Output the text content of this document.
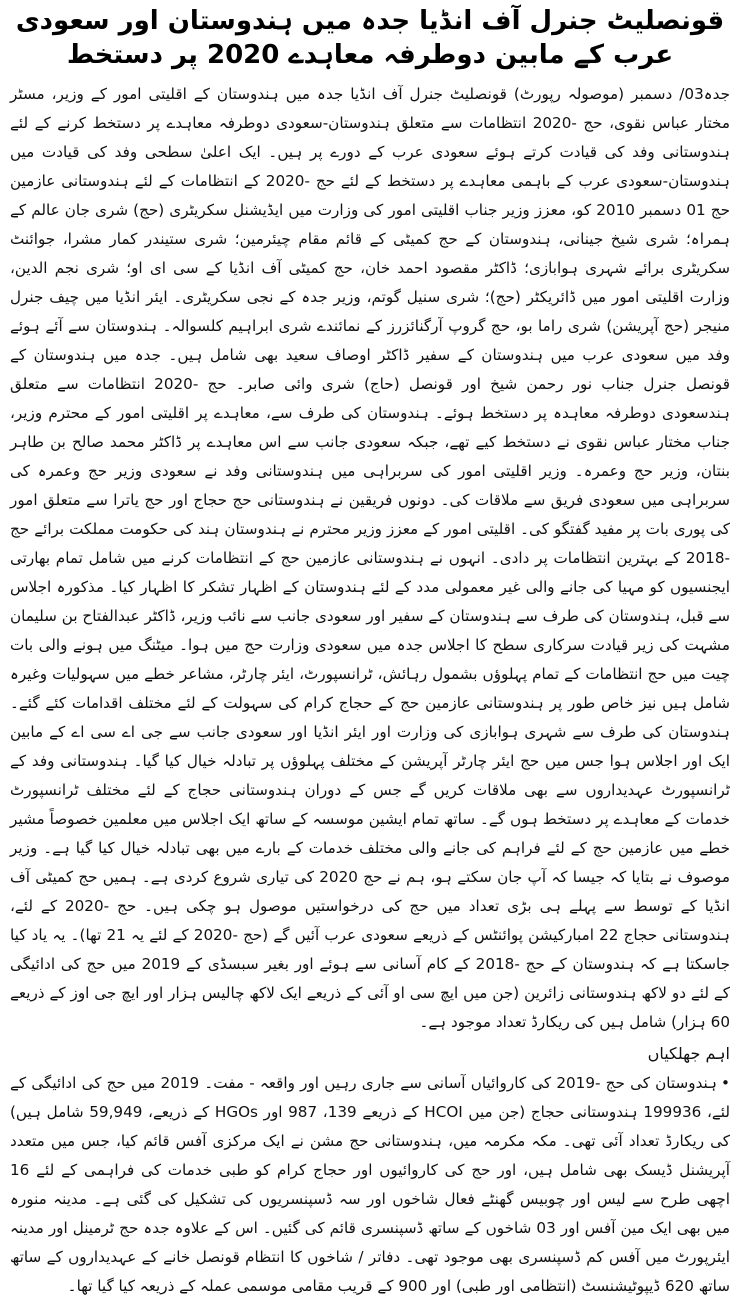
قونصلیٹ جنرل آف انڈیا جدہ میں ہندوستان اور سعودی عرب کے مابین دوطرفہ معاہدے 2020 پر دستخط

جدہ03/ دسمبر (موصولہ رپورٹ) قونصلیٹ جنرل آف انڈیا جدہ میں ہندوستان کے اقلیتی امور کے وزیر، مسٹر مختار عباس نقوی، حج -2020 انتظامات سے متعلق ہندوستان-سعودی دوطرفہ معاہدے پر دستخط کرنے کے لئے ہندوستانی وفد کی قیادت کرتے ہوئے سعودی عرب کے دورے پر ہیں۔ ایک اعلیٰ سطحی وفد کی قیادت میں ہندوستان-سعودی عرب کے باہمی معاہدے پر دستخط کے لئے حج -2020 کے انتظامات کے لئے ہندوستانی عازمین حج 01 دسمبر 2010 کو، معزز وزیر جناب اقلیتی امور کی وزارت میں ایڈیشنل سکریٹری (حج) شری جان عالم کے ہمراہ؛ شری شیخ جینانی، ہندوستان کے حج کمیٹی کے قائم مقام چیئرمین؛ شری ستیندر کمار مشرا، جوائنٹ سکریٹری برائے شہری ہوابازی؛ ڈاکٹر مقصود احمد خان، حج کمیٹی آف انڈیا کے سی ای او؛ شری نجم الدین، وزارت اقلیتی امور میں ڈائریکٹر (حج)؛ شری سنیل گوتم، وزیر جدہ کے نجی سکریٹری۔ ایئر انڈیا میں چیف جنرل منیجر (حج آپریشن) شری راما بو، حج گروپ آرگنائزرز کے نمائندے شری ابراہیم کلسوالہ۔ ہندوستان سے آئے ہوئے وفد میں سعودی عرب میں ہندوستان کے سفیر ڈاکٹر اوصاف سعید بھی شامل ہیں۔ جدہ میں ہندوستان کے قونصل جنرل جناب نور رحمن شیخ اور قونصل (حاج) شری وائی صابر۔ حج -2020 انتظامات سے متعلق ہندسعودی دوطرفہ معاہدہ پر دستخط ہوئے۔ ہندوستان کی طرف سے، معاہدے پر اقلیتی امور کے محترم وزیر، جناب مختار عباس نقوی نے دستخط کیے تھے، جبکہ سعودی جانب سے اس معاہدے پر ڈاکٹر محمد صالح بن طاہر بنتان، وزیر حج وعمرہ۔ وزیر اقلیتی امور کی سربراہی میں ہندوستانی وفد نے سعودی وزیر حج وعمرہ کی سربراہی میں سعودی فریق سے ملاقات کی۔ دونوں فریقین نے ہندوستانی حج حجاج اور حج یاترا سے متعلق امور کی پوری بات پر مفید گفتگو کی۔ اقلیتی امور کے معزز وزیر محترم نے ہندوستان ہند کی حکومت مملکت برائے حج -2018 کے بہترین انتظامات پر دادی۔ انہوں نے ہندوستانی عازمین حج کے انتظامات کرنے میں شامل تمام بھارتی ایجنسیوں کو مہیا کی جانے والی غیر معمولی مدد کے لئے ہندوستان کے اظہار تشکر کا اظہار کیا۔ مذکورہ اجلاس سے قبل، ہندوستان کی طرف سے ہندوستان کے سفیر اور سعودی جانب سے نائب وزیر، ڈاکٹر عبدالفتاح بن سلیمان مشہت کی زیر قیادت سرکاری سطح کا اجلاس جدہ میں سعودی وزارت حج میں ہوا۔ میٹنگ میں ہونے والی بات چیت میں حج انتظامات کے تمام پہلوؤں بشمول رہائش، ٹرانسپورٹ، ایئر چارٹر، مشاعر خطے میں سہولیات وغیرہ شامل ہیں نیز خاص طور پر ہندوستانی عازمین حج کے حجاج کرام کی سہولت کے لئے مختلف اقدامات کئے گئے۔ ہندوستان کی طرف سے شہری ہوابازی کی وزارت اور ایئر انڈیا اور سعودی جانب سے جی اے سی اے کے مابین ایک اور اجلاس ہوا جس میں حج ایئر چارٹر آپریشن کے مختلف پہلوؤں پر تبادلہ خیال کیا گیا۔ ہندوستانی وفد کے ٹرانسپورٹ عہدیداروں سے بھی ملاقات کریں گے جس کے دوران ہندوستانی حجاج کے لئے مختلف ٹرانسپورٹ خدمات کے معاہدے پر دستخط ہوں گے۔ ساتھ تمام ایشین موسسہ کے ساتھ ایک اجلاس میں معلمین خصوصاً مشیر خطے میں عازمین حج کے لئے فراہم کی جانے والی مختلف خدمات کے بارے میں بھی تبادلہ خیال کیا گیا ہے۔ وزیر موصوف نے بتایا کہ جیسا کہ آپ جان سکتے ہو، ہم نے حج 2020 کی تیاری شروع کردی ہے۔ ہمیں حج کمیٹی آف انڈیا کے توسط سے پہلے ہی بڑی تعداد میں حج کی درخواستیں موصول ہو چکی ہیں۔ حج -2020 کے لئے، ہندوستانی حجاج 22 امبارکیشن پوائنٹس کے ذریعے سعودی عرب آئیں گے (حج -2020 کے لئے یہ 21 تھا)۔ یہ یاد کیا جاسکتا ہے کہ ہندوستان کے حج -2018 کے کام آسانی سے ہوئے اور بغیر سبسڈی کے 2019 میں حج کی ادائیگی کے لئے دو لاکھ ہندوستانی زائرین (جن میں ایچ سی او آئی کے ذریعے ایک لاکھ چالیس ہزار اور ایچ جی اوز کے ذریعے 60 ہزار) شامل ہیں کی ریکارڈ تعداد موجود ہے۔

اہم جھلکیاں
•ہندوستان کی حج -2019 کی کاروائیاں آسانی سے جاری رہیں اور واقعہ - مفت۔ 2019 میں حج کی ادائیگی کے لئے، 199936 ہندوستانی حجاج (جن میں HCOI کے ذریعے 139، 987 اور HGOs کے ذریعے، 59,949 شامل ہیں) کی ریکارڈ تعداد آئی تھی۔ مکہ مکرمہ میں، ہندوستانی حج مشن نے ایک مرکزی آفس قائم کیا، جس میں متعدد آپریشنل ڈیسک بھی شامل ہیں، اور حج کی کاروائیوں اور حجاج کرام کو طبی خدمات کی فراہمی کے لئے 16 اچھی طرح سے لیس اور چوبیس گھنٹے فعال شاخوں اور سہ ڈسپنسریوں کی تشکیل کی گئی ہے۔ مدینہ منورہ میں بھی ایک مین آفس اور 03 شاخوں کے ساتھ ڈسپنسری قائم کی گئیں۔ اس کے علاوہ جدہ حج ٹرمینل اور مدینہ ایئرپورٹ میں آفس کم ڈسپنسری بھی موجود تھی۔ دفاتر / شاخوں کا انتظام قونصل خانے کے عہدیداروں کے ساتھ ساتھ 620 ڈیپوٹیشنسٹ (انتظامی اور طبی) اور 900 کے قریب مقامی موسمی عملہ کے ذریعہ کیا گیا تھا۔
